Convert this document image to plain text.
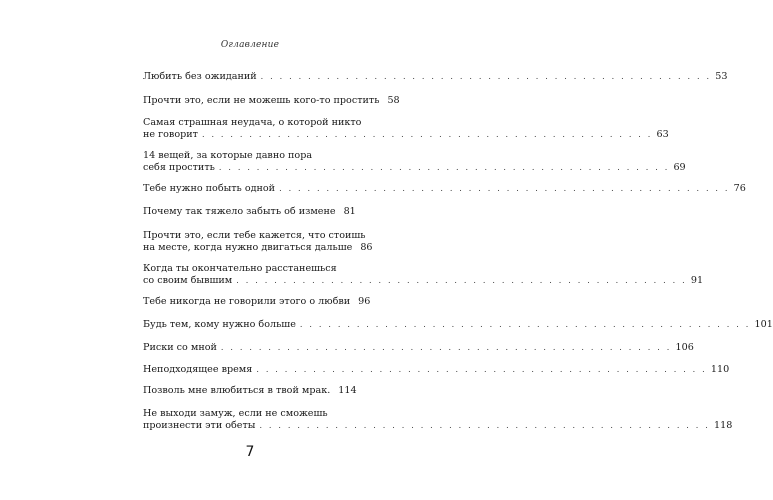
Оглавление
Любить без ожиданий . . . . . . . . . . . . . . . . . . . . . . . . . . . . . . . . . . . . . . . . . . . . . . . . 53
Прочти это, если не можешь кого-то простить 58
Самая страшная неудача, о которой никто
не говорит . . . . . . . . . . . . . . . . . . . . . . . . . . . . . . . . . . . . . . . . . . . . . . . . 63
14 вещей, за которые давно пора
себя простить . . . . . . . . . . . . . . . . . . . . . . . . . . . . . . . . . . . . . . . . . . . . . . . . 69
Тебе нужно побыть одной . . . . . . . . . . . . . . . . . . . . . . . . . . . . . . . . . . . . . . . . . . . . . . . . 76
Почему так тяжело забыть об измене 81
Прочти это, если тебе кажется, что стоишь
на месте, когда нужно двигаться дальше 86
Когда ты окончательно расстанешься
со своим бывшим . . . . . . . . . . . . . . . . . . . . . . . . . . . . . . . . . . . . . . . . . . . . . . . . 91
Тебе никогда не говорили этого о любви 96
Будь тем, кому нужно больше . . . . . . . . . . . . . . . . . . . . . . . . . . . . . . . . . . . . . . . . . . . . . . . . 101
Риски со мной . . . . . . . . . . . . . . . . . . . . . . . . . . . . . . . . . . . . . . . . . . . . . . . . 106
Неподходящее время . . . . . . . . . . . . . . . . . . . . . . . . . . . . . . . . . . . . . . . . . . . . . . . . 110
Позволь мне влюбиться в твой мрак. 114
Не выходи замуж, если не сможешь
произнести эти обеты . . . . . . . . . . . . . . . . . . . . . . . . . . . . . . . . . . . . . . . . . . . . . . . . 118
7
